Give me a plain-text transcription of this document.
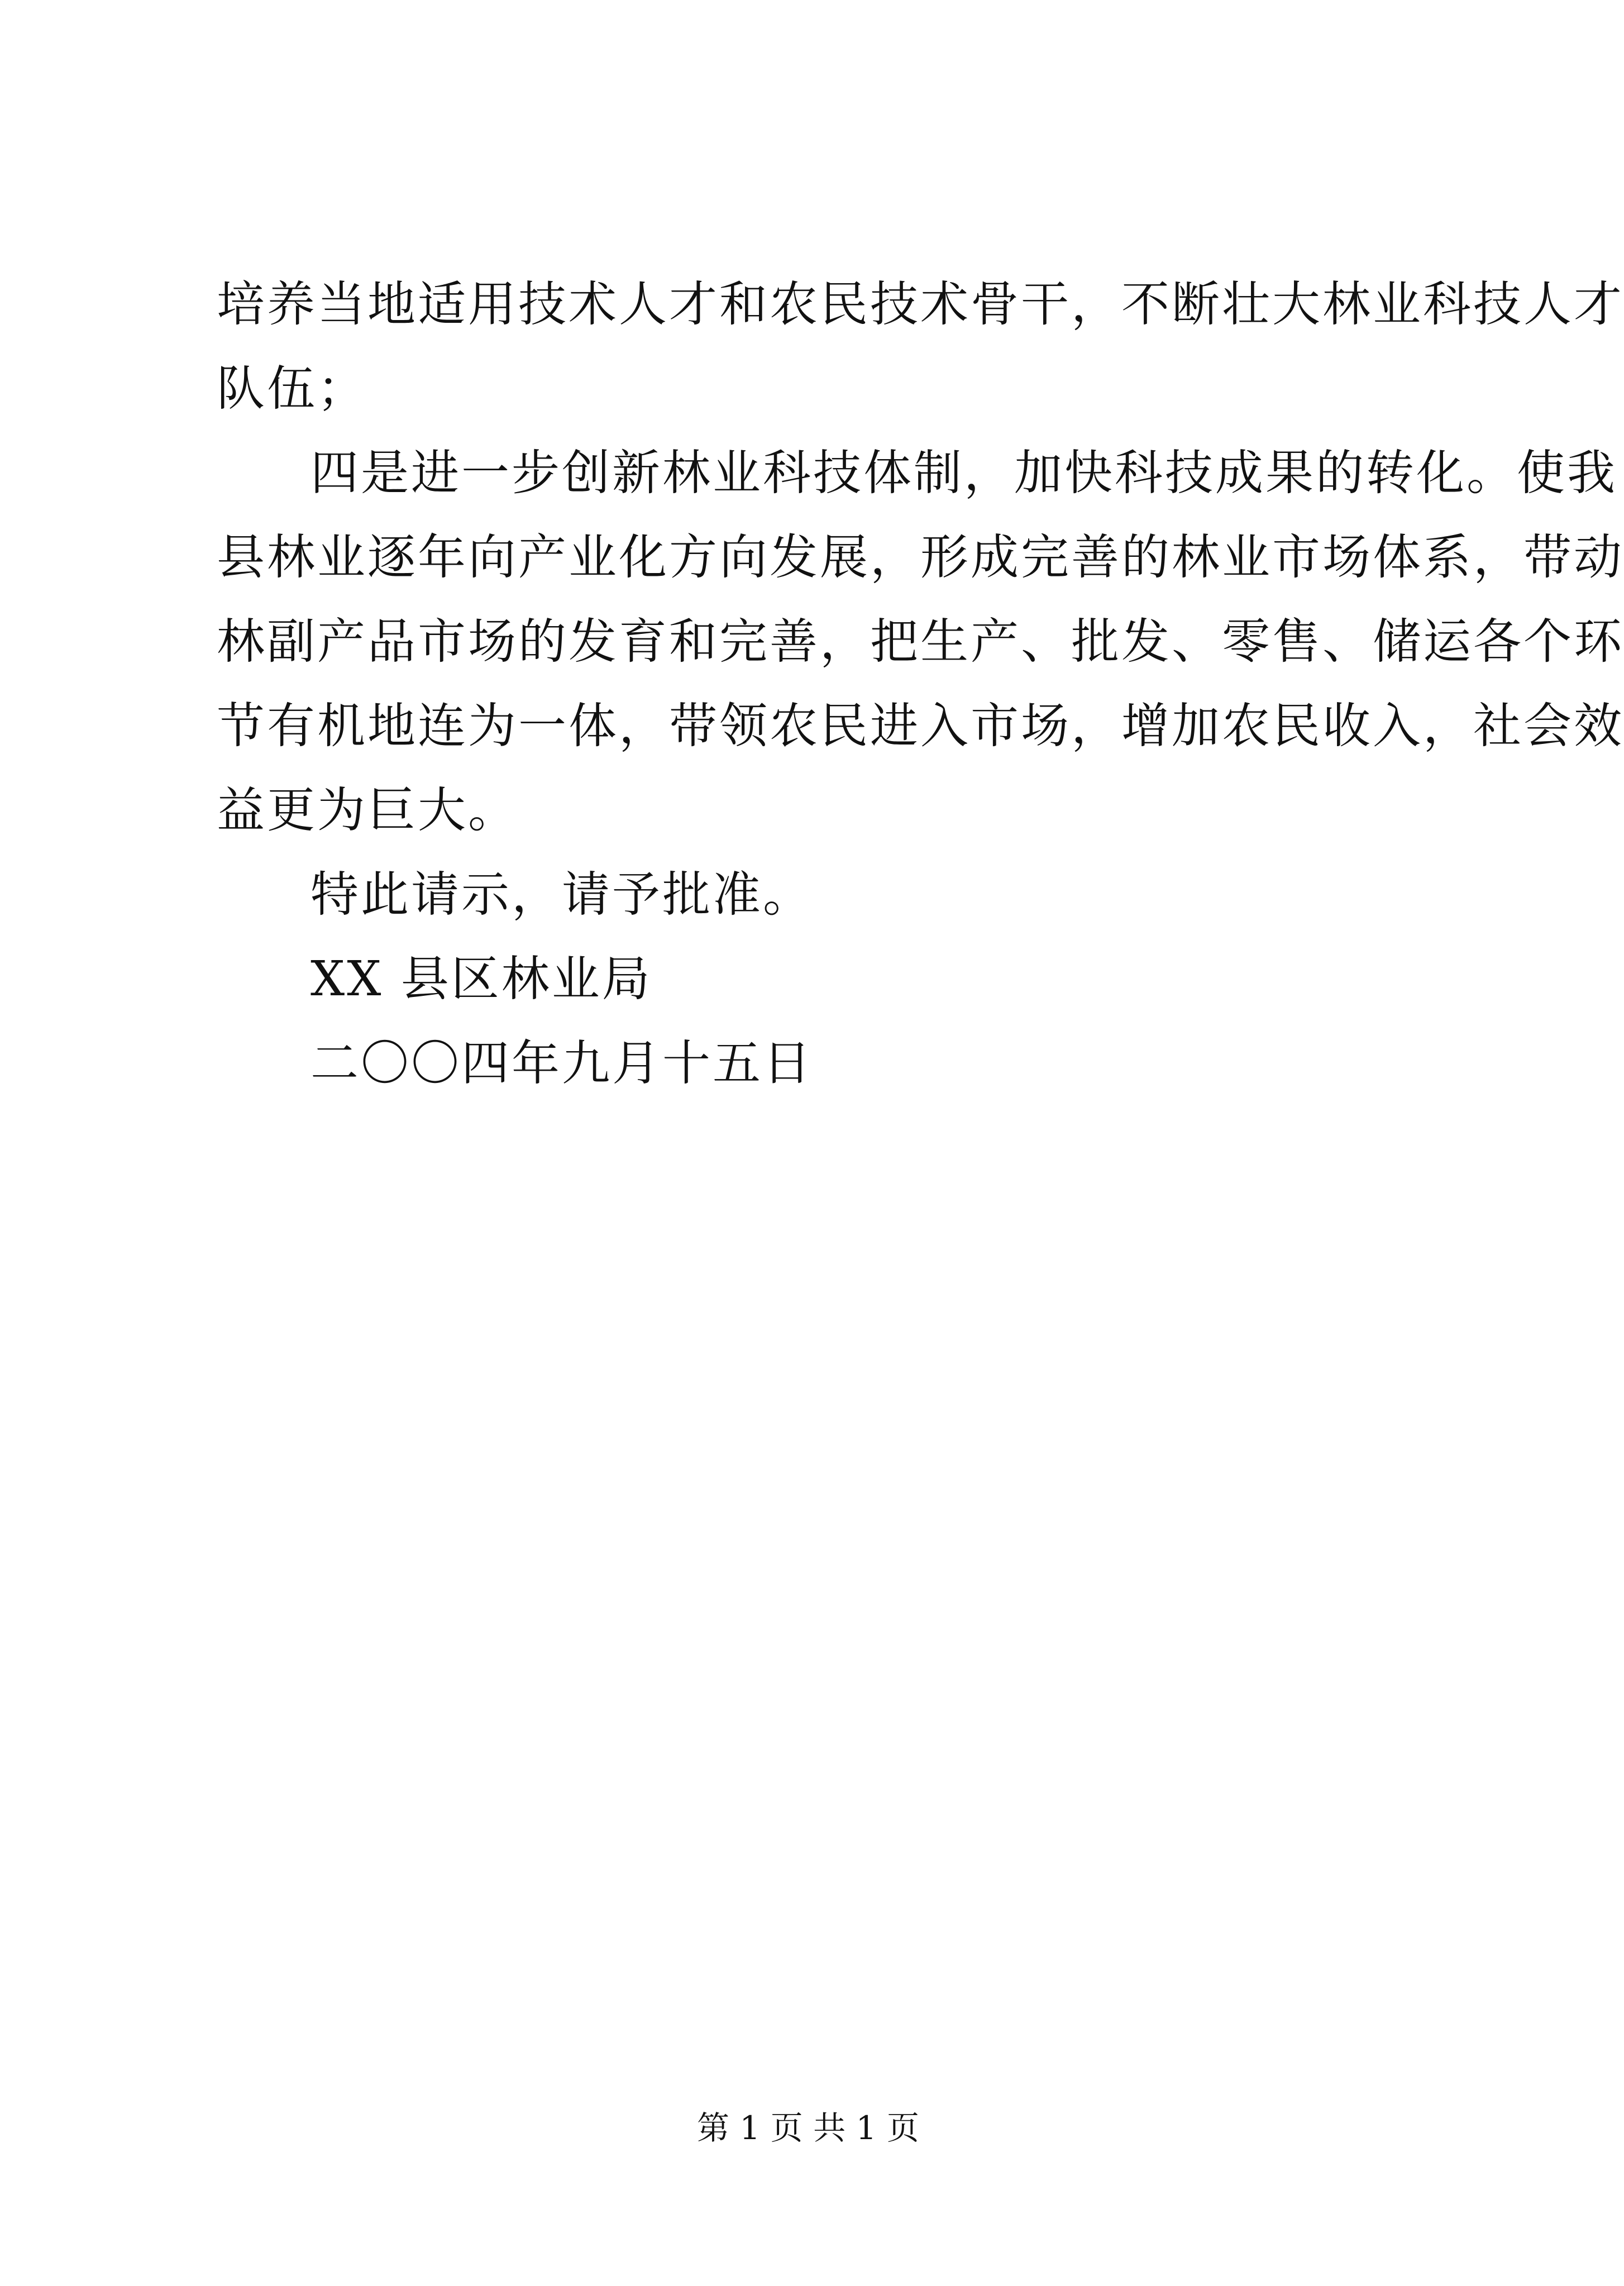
培养当地适用技术人才和农民技术骨干，不断壮大林业科技人才
队伍；
四是进一步创新林业科技体制，加快科技成果的转化。使我
县林业逐年向产业化方向发展，形成完善的林业市场体系，带动
林副产品市场的发育和完善，把生产、批发、零售、储运各个环
节有机地连为一体，带领农民进入市场，增加农民收入，社会效
益更为巨大。
特此请示，请予批准。
XX 县区林业局
二〇〇四年九月十五日
第 1 页 共 1 页
